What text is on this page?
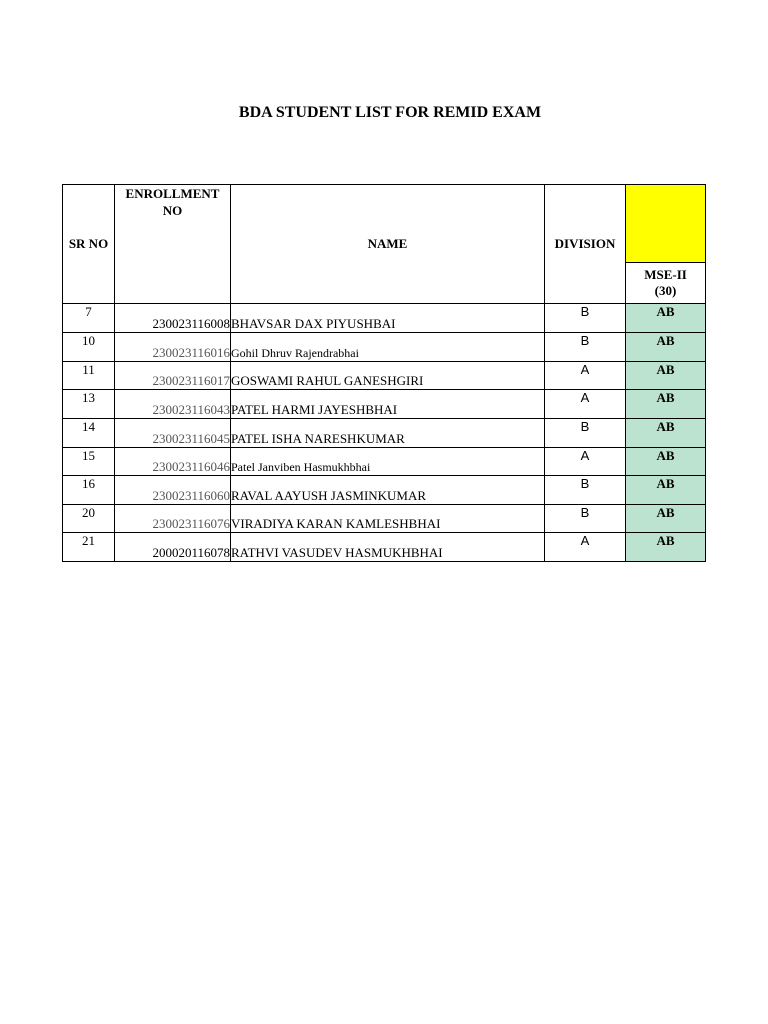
BDA STUDENT LIST FOR REMID EXAM
SR NO	ENROLLMENT NO	NAME	DIVISION	
				MSE-II (30)
7	230023116008	BHAVSAR DAX PIYUSHBAI	B	AB
10	230023116016	Gohil Dhruv Rajendrabhai	B	AB
11	230023116017	GOSWAMI RAHUL GANESHGIRI	A	AB
13	230023116043	PATEL HARMI JAYESHBHAI	A	AB
14	230023116045	PATEL ISHA NARESHKUMAR	B	AB
15	230023116046	Patel Janviben Hasmukhbhai	A	AB
16	230023116060	RAVAL AAYUSH JASMINKUMAR	B	AB
20	230023116076	VIRADIYA KARAN KAMLESHBHAI	B	AB
21	200020116078	RATHVI VASUDEV HASMUKHBHAI	A	AB
